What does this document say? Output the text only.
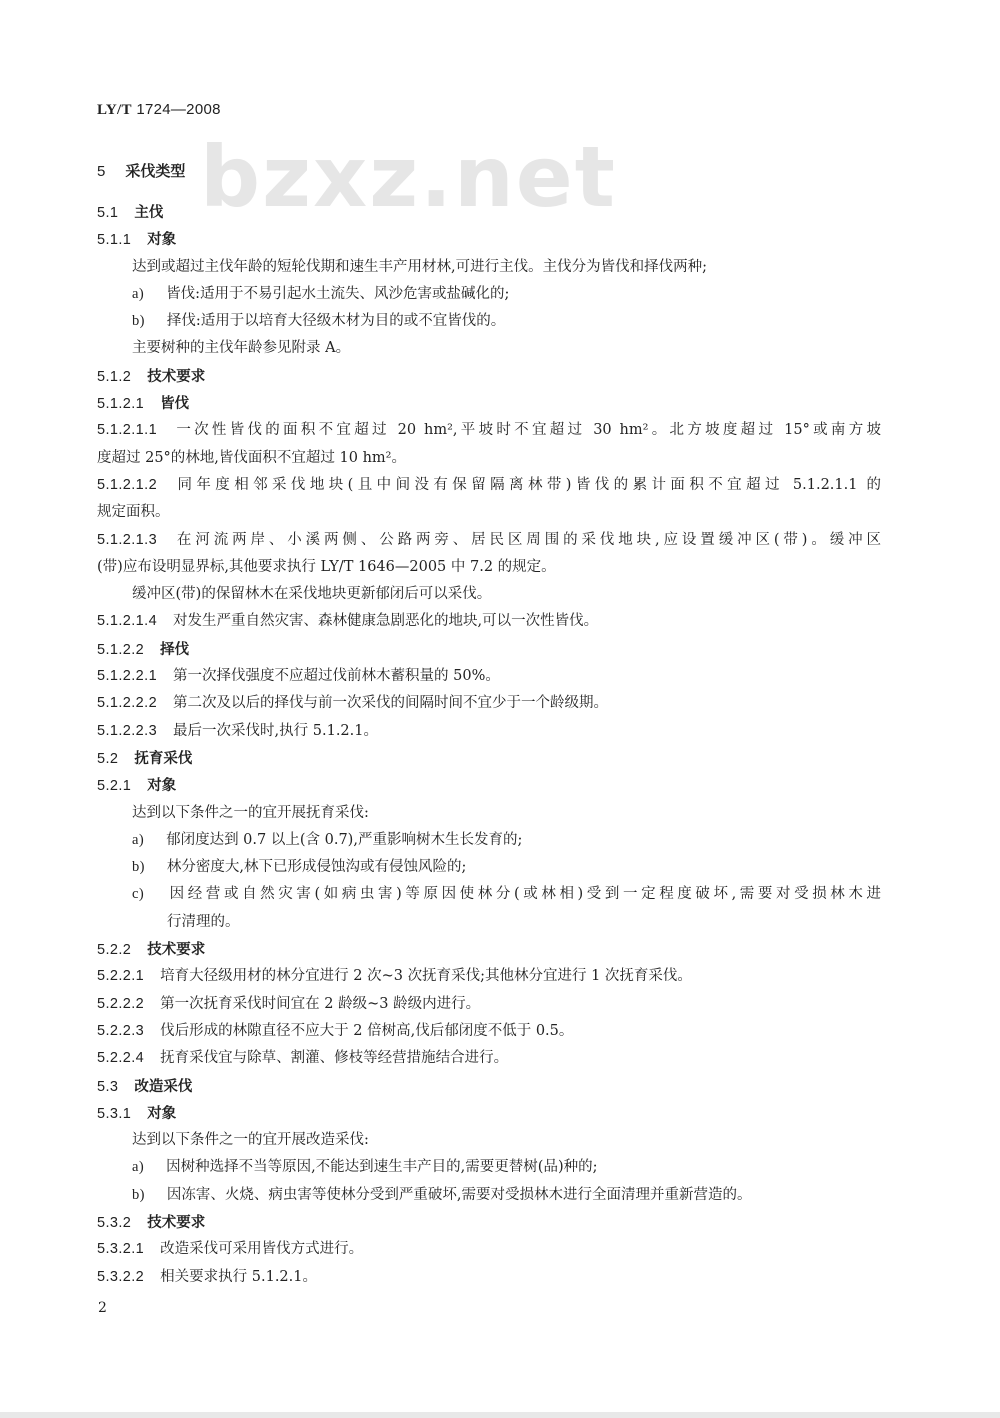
LY/T 1724—2008
bzxz.net
5 采伐类型
5.1 主伐
5.1.1 对象
达到或超过主伐年龄的短轮伐期和速生丰产用材林,可进行主伐。主伐分为皆伐和择伐两种;
a) 皆伐:适用于不易引起水土流失、风沙危害或盐碱化的;
b) 择伐:适用于以培育大径级木材为目的或不宜皆伐的。
主要树种的主伐年龄参见附录 A。
5.1.2 技术要求
5.1.2.1 皆伐
5.1.2.1.1 一次性皆伐的面积不宜超过 20 hm²,平坡时不宜超过 30 hm²。北方坡度超过 15°或南方坡
度超过 25°的林地,皆伐面积不宜超过 10 hm²。
5.1.2.1.2 同年度相邻采伐地块(且中间没有保留隔离林带)皆伐的累计面积不宜超过 5.1.2.1.1 的
规定面积。
5.1.2.1.3 在河流两岸、小溪两侧、公路两旁、居民区周围的采伐地块,应设置缓冲区(带)。缓冲区
(带)应布设明显界标,其他要求执行 LY/T 1646—2005 中 7.2 的规定。
缓冲区(带)的保留林木在采伐地块更新郁闭后可以采伐。
5.1.2.1.4 对发生严重自然灾害、森林健康急剧恶化的地块,可以一次性皆伐。
5.1.2.2 择伐
5.1.2.2.1 第一次择伐强度不应超过伐前林木蓄积量的 50%。
5.1.2.2.2 第二次及以后的择伐与前一次采伐的间隔时间不宜少于一个龄级期。
5.1.2.2.3 最后一次采伐时,执行 5.1.2.1。
5.2 抚育采伐
5.2.1 对象
达到以下条件之一的宜开展抚育采伐:
a) 郁闭度达到 0.7 以上(含 0.7),严重影响树木生长发育的;
b) 林分密度大,林下已形成侵蚀沟或有侵蚀风险的;
c) 因经营或自然灾害(如病虫害)等原因使林分(或林相)受到一定程度破坏,需要对受损林木进
行清理的。
5.2.2 技术要求
5.2.2.1 培育大径级用材的林分宜进行 2 次~3 次抚育采伐;其他林分宜进行 1 次抚育采伐。
5.2.2.2 第一次抚育采伐时间宜在 2 龄级~3 龄级内进行。
5.2.2.3 伐后形成的林隙直径不应大于 2 倍树高,伐后郁闭度不低于 0.5。
5.2.2.4 抚育采伐宜与除草、割灌、修枝等经营措施结合进行。
5.3 改造采伐
5.3.1 对象
达到以下条件之一的宜开展改造采伐:
a) 因树种选择不当等原因,不能达到速生丰产目的,需要更替树(品)种的;
b) 因冻害、火烧、病虫害等使林分受到严重破坏,需要对受损林木进行全面清理并重新营造的。
5.3.2 技术要求
5.3.2.1 改造采伐可采用皆伐方式进行。
5.3.2.2 相关要求执行 5.1.2.1。
2
